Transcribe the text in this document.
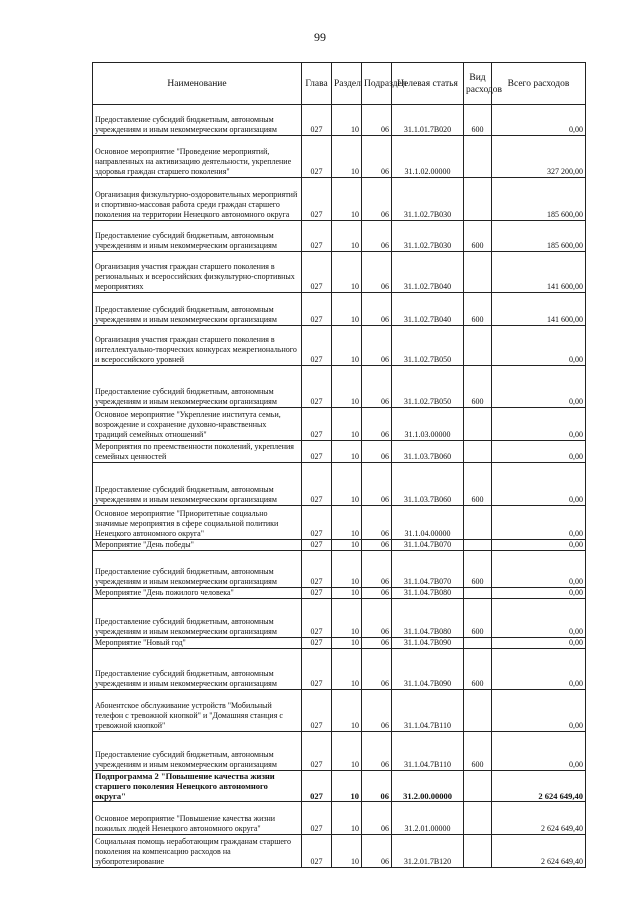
99
Наименование	Глава	Раздел	Подраздел	Целевая статья	Вид расходов	Всего расходов
Предоставление субсидий бюджетным, автономным учреждениям и иным некоммерческим организациям	027	10	06	31.1.01.7В020	600	0,00
Основное мероприятие "Проведение мероприятий, направленных на активизацию деятельности, укрепление здоровья граждан старшего поколения"	027	10	06	31.1.02.00000		327 200,00
Организация физкультурно-оздоровительных мероприятий и спортивно-массовая работа среди граждан старшего поколения на территории Ненецкого автономного округа	027	10	06	31.1.02.7В030		185 600,00
Предоставление субсидий бюджетным, автономным учреждениям и иным некоммерческим организациям	027	10	06	31.1.02.7В030	600	185 600,00
Организация участия граждан старшего поколения в региональных и всероссийских физкультурно-спортивных мероприятиях	027	10	06	31.1.02.7В040		141 600,00
Предоставление субсидий бюджетным, автономным учреждениям и иным некоммерческим организациям	027	10	06	31.1.02.7В040	600	141 600,00
Организация участия граждан старшего поколения в интеллектуально-творческих конкурсах межрегионального и всероссийского уровней	027	10	06	31.1.02.7В050		0,00
Предоставление субсидий бюджетным, автономным учреждениям и иным некоммерческим организациям	027	10	06	31.1.02.7В050	600	0,00
Основное мероприятие "Укрепление института семьи, возрождение и сохранение духовно-нравственных традиций семейных отношений"	027	10	06	31.1.03.00000		0,00
Мероприятия по преемственности поколений, укрепления семейных ценностей	027	10	06	31.1.03.7В060		0,00
Предоставление субсидий бюджетным, автономным учреждениям и иным некоммерческим организациям	027	10	06	31.1.03.7В060	600	0,00
Основное мероприятие "Приоритетные социально значимые мероприятия в сфере социальной политики Ненецкого автономного округа"	027	10	06	31.1.04.00000		0,00
Мероприятие "День победы"	027	10	06	31.1.04.7В070		0,00
Предоставление субсидий бюджетным, автономным учреждениям и иным некоммерческим организациям	027	10	06	31.1.04.7В070	600	0,00
Мероприятие "День пожилого человека"	027	10	06	31.1.04.7В080		0,00
Предоставление субсидий бюджетным, автономным учреждениям и иным некоммерческим организациям	027	10	06	31.1.04.7В080	600	0,00
Мероприятие "Новый год"	027	10	06	31.1.04.7В090		0,00
Предоставление субсидий бюджетным, автономным учреждениям и иным некоммерческим организациям	027	10	06	31.1.04.7В090	600	0,00
Абонентское обслуживание устройств "Мобильный телефон с тревожной кнопкой" и "Домашняя станция с тревожной кнопкой"	027	10	06	31.1.04.7В110		0,00
Предоставление субсидий бюджетным, автономным учреждениям и иным некоммерческим организациям	027	10	06	31.1.04.7В110	600	0,00
Подпрограмма 2 "Повышение качества жизни старшего поколения Ненецкого автономного округа"	027	10	06	31.2.00.00000		2 624 649,40
Основное мероприятие "Повышение качества жизни пожилых людей Ненецкого автономного округа"	027	10	06	31.2.01.00000		2 624 649,40
Социальная помощь неработающим гражданам старшего поколения на компенсацию расходов на зубопротезирование	027	10	06	31.2.01.7В120		2 624 649,40
